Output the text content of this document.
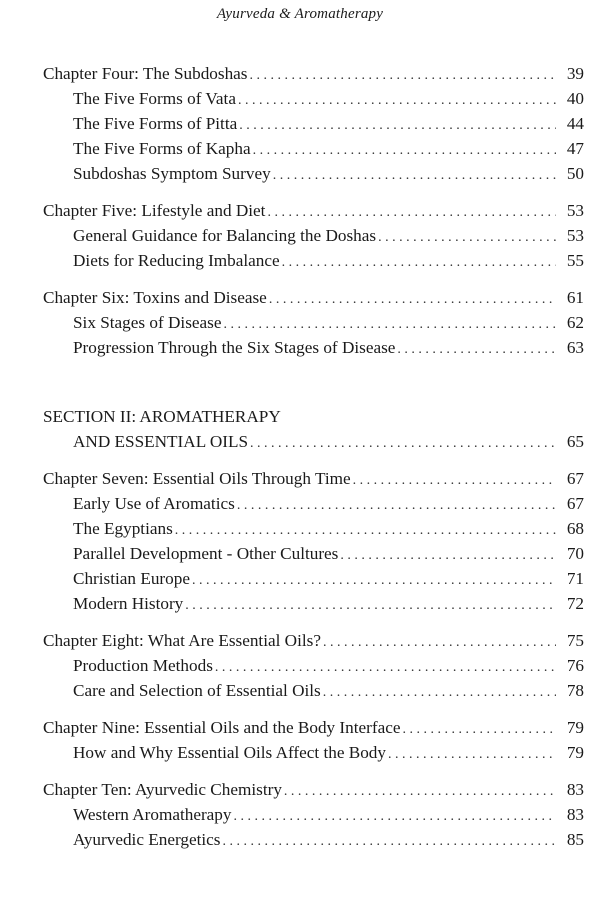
Ayurveda & Aromatherapy
Chapter Four: The Subdoshas . . .	39
The Five Forms of Vata . . .	40
The Five Forms of Pitta . . .	44
The Five Forms of Kapha . . .	47
Subdoshas Symptom Survey . . .	50
Chapter Five: Lifestyle and Diet . . .	53
General Guidance for Balancing the Doshas . . .	53
Diets for Reducing Imbalance . . .	55
Chapter Six: Toxins and Disease . . .	61
Six Stages of Disease . . .	62
Progression Through the Six Stages of Disease . . .	63
SECTION II: AROMATHERAPY
AND ESSENTIAL OILS . . .	65
Chapter Seven: Essential Oils Through Time . . .	67
Early Use of Aromatics . . .	67
The Egyptians . . .	68
Parallel Development - Other Cultures . . .	70
Christian Europe . . .	71
Modern History . . .	72
Chapter Eight: What Are Essential Oils? . . .	75
Production Methods . . .	76
Care and Selection of Essential Oils . . .	78
Chapter Nine: Essential Oils and the Body Interface . . .	79
How and Why Essential Oils Affect the Body . . .	79
Chapter Ten: Ayurvedic Chemistry . . .	83
Western Aromatherapy . . .	83
Ayurvedic Energetics . . .	85
